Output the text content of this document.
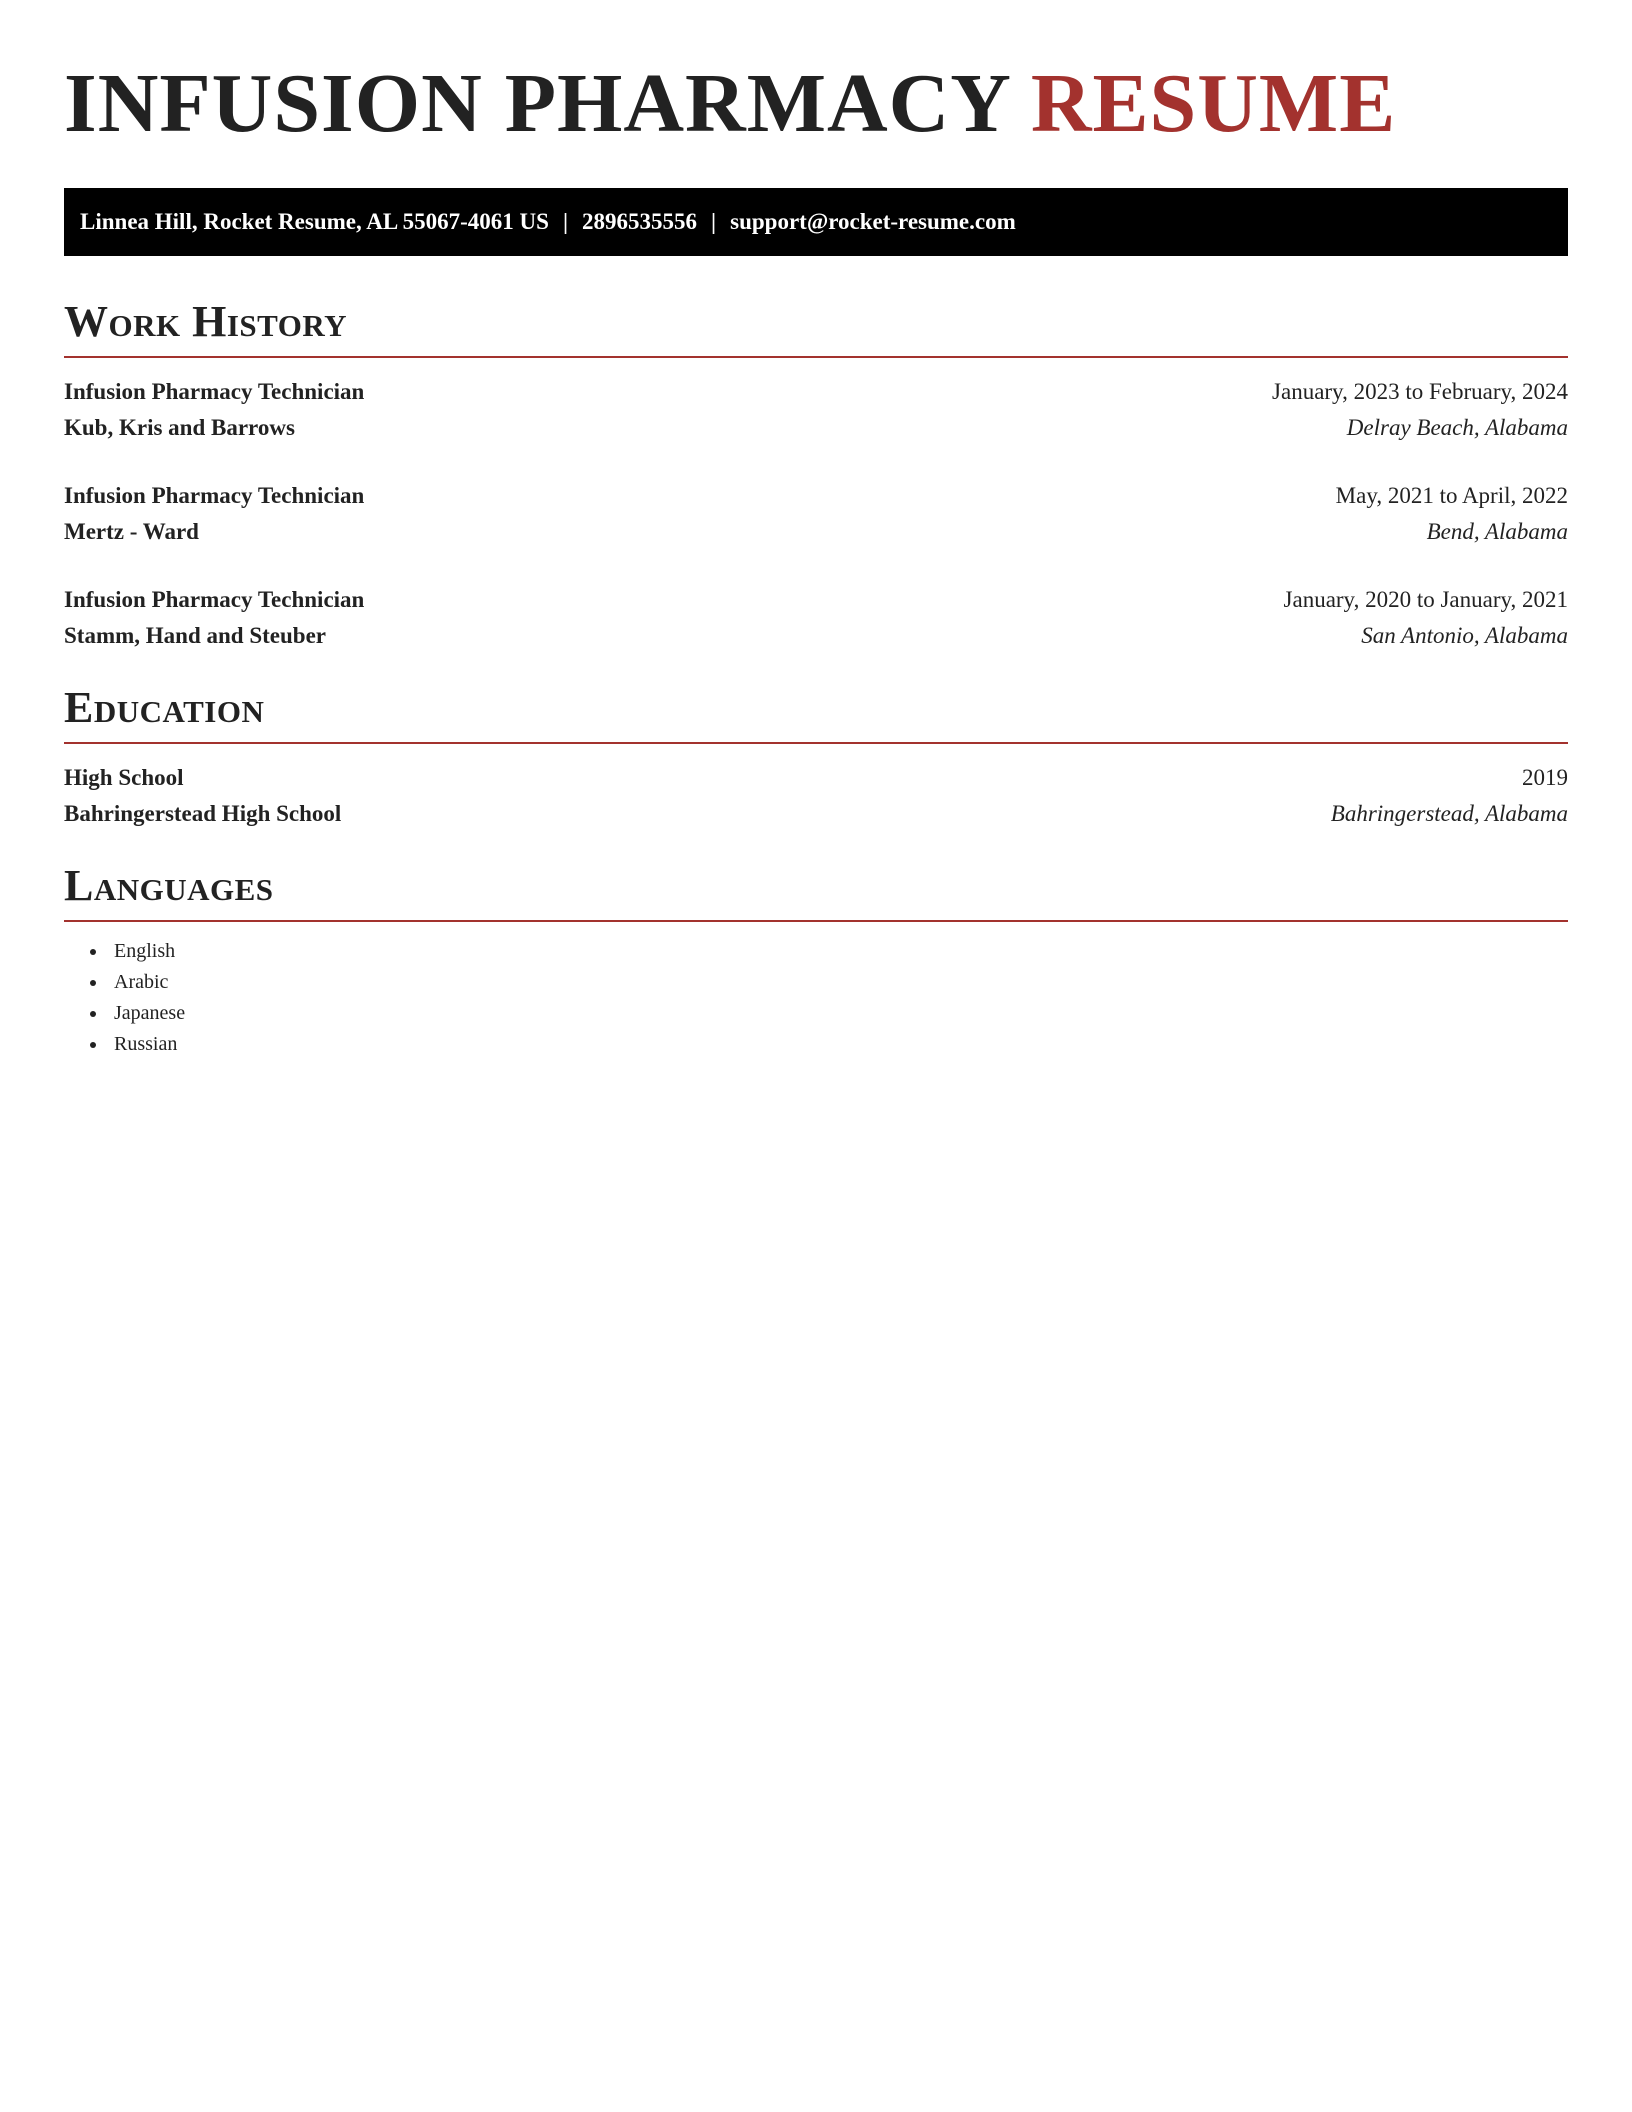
INFUSION PHARMACY RESUME
Linnea Hill, Rocket Resume, AL 55067-4061 US | 2896535556 | support@rocket-resume.com
Work History
Infusion Pharmacy Technician	January, 2023 to February, 2024
Kub, Kris and Barrows	Delray Beach, Alabama
Infusion Pharmacy Technician	May, 2021 to April, 2022
Mertz - Ward	Bend, Alabama
Infusion Pharmacy Technician	January, 2020 to January, 2021
Stamm, Hand and Steuber	San Antonio, Alabama
Education
High School	2019
Bahringerstead High School	Bahringerstead, Alabama
Languages
• English
• Arabic
• Japanese
• Russian
